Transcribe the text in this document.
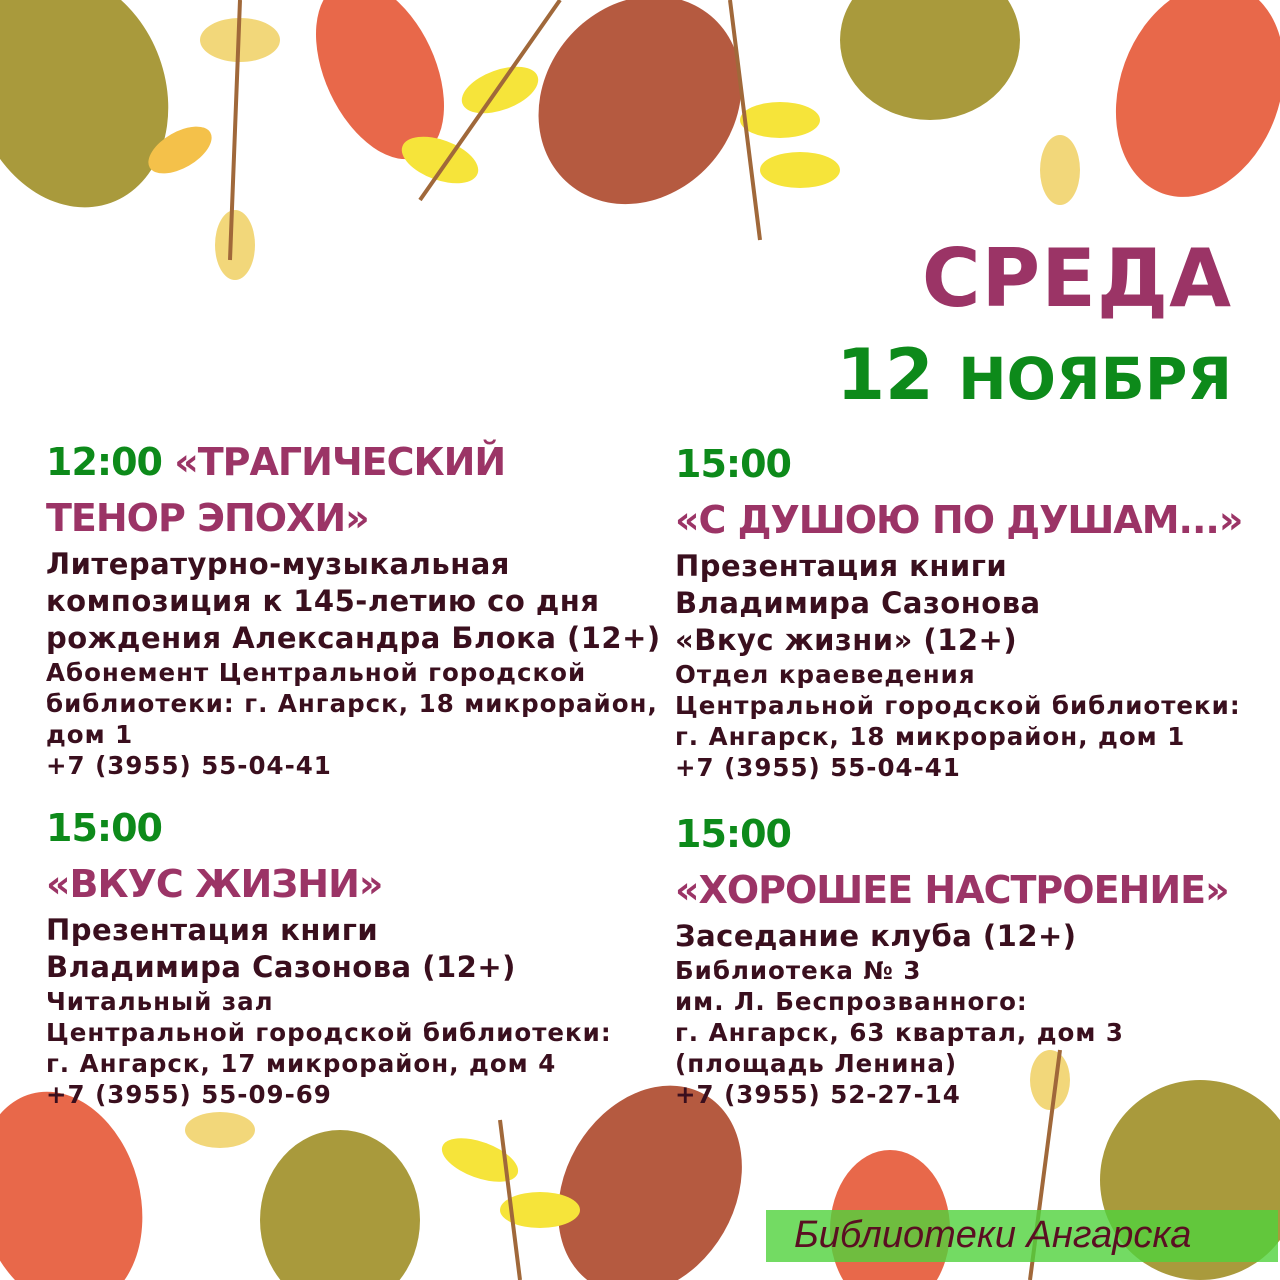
СРЕДА
12 НОЯБРЯ
12:00 «ТРАГИЧЕСКИЙ
ТЕНОР ЭПОХИ»
Литературно-музыкальная
композиция к 145-летию со дня
рождения Александра Блока (12+)
Абонемент Центральной городской
библиотеки: г. Ангарск, 18 микрорайон,
дом 1
+7 (3955) 55-04-41
15:00
«С ДУШОЮ ПО ДУШАМ...»
Презентация книги
Владимира Сазонова
«Вкус жизни» (12+)
Отдел краеведения
Центральной городской библиотеки:
г. Ангарск, 18 микрорайон, дом 1
+7 (3955) 55-04-41
15:00
«ВКУС ЖИЗНИ»
Презентация книги
Владимира Сазонова (12+)
Читальный зал
Центральной городской библиотеки:
г. Ангарск, 17 микрорайон, дом 4
+7 (3955) 55-09-69
15:00
«ХОРОШЕЕ НАСТРОЕНИЕ»
Заседание клуба (12+)
Библиотека № 3
им. Л. Беспрозванного:
г. Ангарск, 63 квартал, дом 3
(площадь Ленина)
+7 (3955) 52-27-14
Библиотеки Ангарска
